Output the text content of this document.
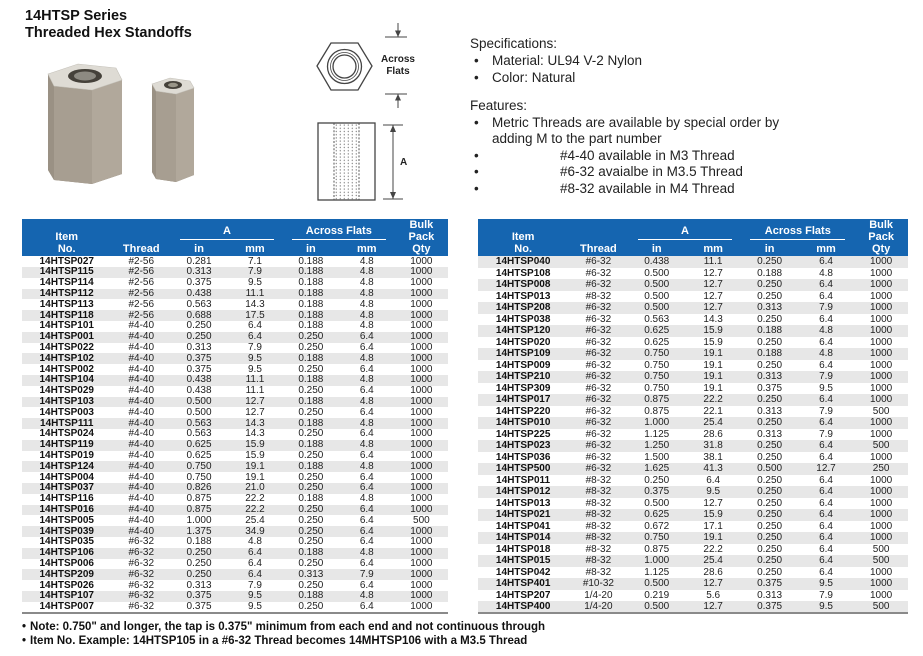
14HTSP Series
Threaded Hex Standoffs
Across
Flats
A
Specifications:
• Material: UL94 V-2 Nylon
• Color: Natural
Features:
• Metric Threads are available by special order by adding M to the part number
•	#4-40 available in M3 Thread
•	#6-32 avaialbe in M3.5 Thread
•	#8-32 available in M4 Thread
Item
No.	Thread	A		Across Flats		Bulk
Pack
Qty
		in	mm	in	mm	
14HTSP027	#2-56	0.281	7.1	0.188	4.8	1000
14HTSP115	#2-56	0.313	7.9	0.188	4.8	1000
14HTSP114	#2-56	0.375	9.5	0.188	4.8	1000
14HTSP112	#2-56	0.438	11.1	0.188	4.8	1000
14HTSP113	#2-56	0.563	14.3	0.188	4.8	1000
14HTSP118	#2-56	0.688	17.5	0.188	4.8	1000
14HTSP101	#4-40	0.250	6.4	0.188	4.8	1000
14HTSP001	#4-40	0.250	6.4	0.250	6.4	1000
14HTSP022	#4-40	0.313	7.9	0.250	6.4	1000
14HTSP102	#4-40	0.375	9.5	0.188	4.8	1000
14HTSP002	#4-40	0.375	9.5	0.250	6.4	1000
14HTSP104	#4-40	0.438	11.1	0.188	4.8	1000
14HTSP029	#4-40	0.438	11.1	0.250	6.4	1000
14HTSP103	#4-40	0.500	12.7	0.188	4.8	1000
14HTSP003	#4-40	0.500	12.7	0.250	6.4	1000
14HTSP111	#4-40	0.563	14.3	0.188	4.8	1000
14HTSP024	#4-40	0.563	14.3	0.250	6.4	1000
14HTSP119	#4-40	0.625	15.9	0.188	4.8	1000
14HTSP019	#4-40	0.625	15.9	0.250	6.4	1000
14HTSP124	#4-40	0.750	19.1	0.188	4.8	1000
14HTSP004	#4-40	0.750	19.1	0.250	6.4	1000
14HTSP037	#4-40	0.826	21.0	0.250	6.4	1000
14HTSP116	#4-40	0.875	22.2	0.188	4.8	1000
14HTSP016	#4-40	0.875	22.2	0.250	6.4	1000
14HTSP005	#4-40	1.000	25.4	0.250	6.4	500
14HTSP039	#4-40	1.375	34.9	0.250	6.4	1000
14HTSP035	#6-32	0.188	4.8	0.250	6.4	1000
14HTSP106	#6-32	0.250	6.4	0.188	4.8	1000
14HTSP006	#6-32	0.250	6.4	0.250	6.4	1000
14HTSP209	#6-32	0.250	6.4	0.313	7.9	1000
14HTSP026	#6-32	0.313	7.9	0.250	6.4	1000
14HTSP107	#6-32	0.375	9.5	0.188	4.8	1000
14HTSP007	#6-32	0.375	9.5	0.250	6.4	1000
Item
No.	Thread	A		Across Flats		Bulk
Pack
Qty
		in	mm	in	mm	
14HTSP040	#6-32	0.438	11.1	0.250	6.4	1000
14HTSP108	#6-32	0.500	12.7	0.188	4.8	1000
14HTSP008	#6-32	0.500	12.7	0.250	6.4	1000
14HTSP013	#8-32	0.500	12.7	0.250	6.4	1000
14HTSP208	#6-32	0.500	12.7	0.313	7.9	1000
14HTSP038	#6-32	0.563	14.3	0.250	6.4	1000
14HTSP120	#6-32	0.625	15.9	0.188	4.8	1000
14HTSP020	#6-32	0.625	15.9	0.250	6.4	1000
14HTSP109	#6-32	0.750	19.1	0.188	4.8	1000
14HTSP009	#6-32	0.750	19.1	0.250	6.4	1000
14HTSP210	#6-32	0.750	19.1	0.313	7.9	1000
14HTSP309	#6-32	0.750	19.1	0.375	9.5	1000
14HTSP017	#6-32	0.875	22.2	0.250	6.4	1000
14HTSP220	#6-32	0.875	22.1	0.313	7.9	500
14HTSP010	#6-32	1.000	25.4	0.250	6.4	1000
14HTSP225	#6-32	1.125	28.6	0.313	7.9	1000
14HTSP023	#6-32	1.250	31.8	0.250	6.4	500
14HTSP036	#6-32	1.500	38.1	0.250	6.4	1000
14HTSP500	#6-32	1.625	41.3	0.500	12.7	250
14HTSP011	#8-32	0.250	6.4	0.250	6.4	1000
14HTSP012	#8-32	0.375	9.5	0.250	6.4	1000
14HTSP013	#8-32	0.500	12.7	0.250	6.4	1000
14HTSP021	#8-32	0.625	15.9	0.250	6.4	1000
14HTSP041	#8-32	0.672	17.1	0.250	6.4	1000
14HTSP014	#8-32	0.750	19.1	0.250	6.4	1000
14HTSP018	#8-32	0.875	22.2	0.250	6.4	500
14HTSP015	#8-32	1.000	25.4	0.250	6.4	500
14HTSP042	#8-32	1.125	28.6	0.250	6.4	1000
14HTSP401	#10-32	0.500	12.7	0.375	9.5	1000
14HTSP207	1/4-20	0.219	5.6	0.313	7.9	1000
14HTSP400	1/4-20	0.500	12.7	0.375	9.5	500
• Note: 0.750" and longer, the tap is 0.375" minimum from each end and not continuous through
• Item No. Example: 14HTSP105 in a #6-32 Thread becomes 14MHTSP106 with a M3.5 Thread
